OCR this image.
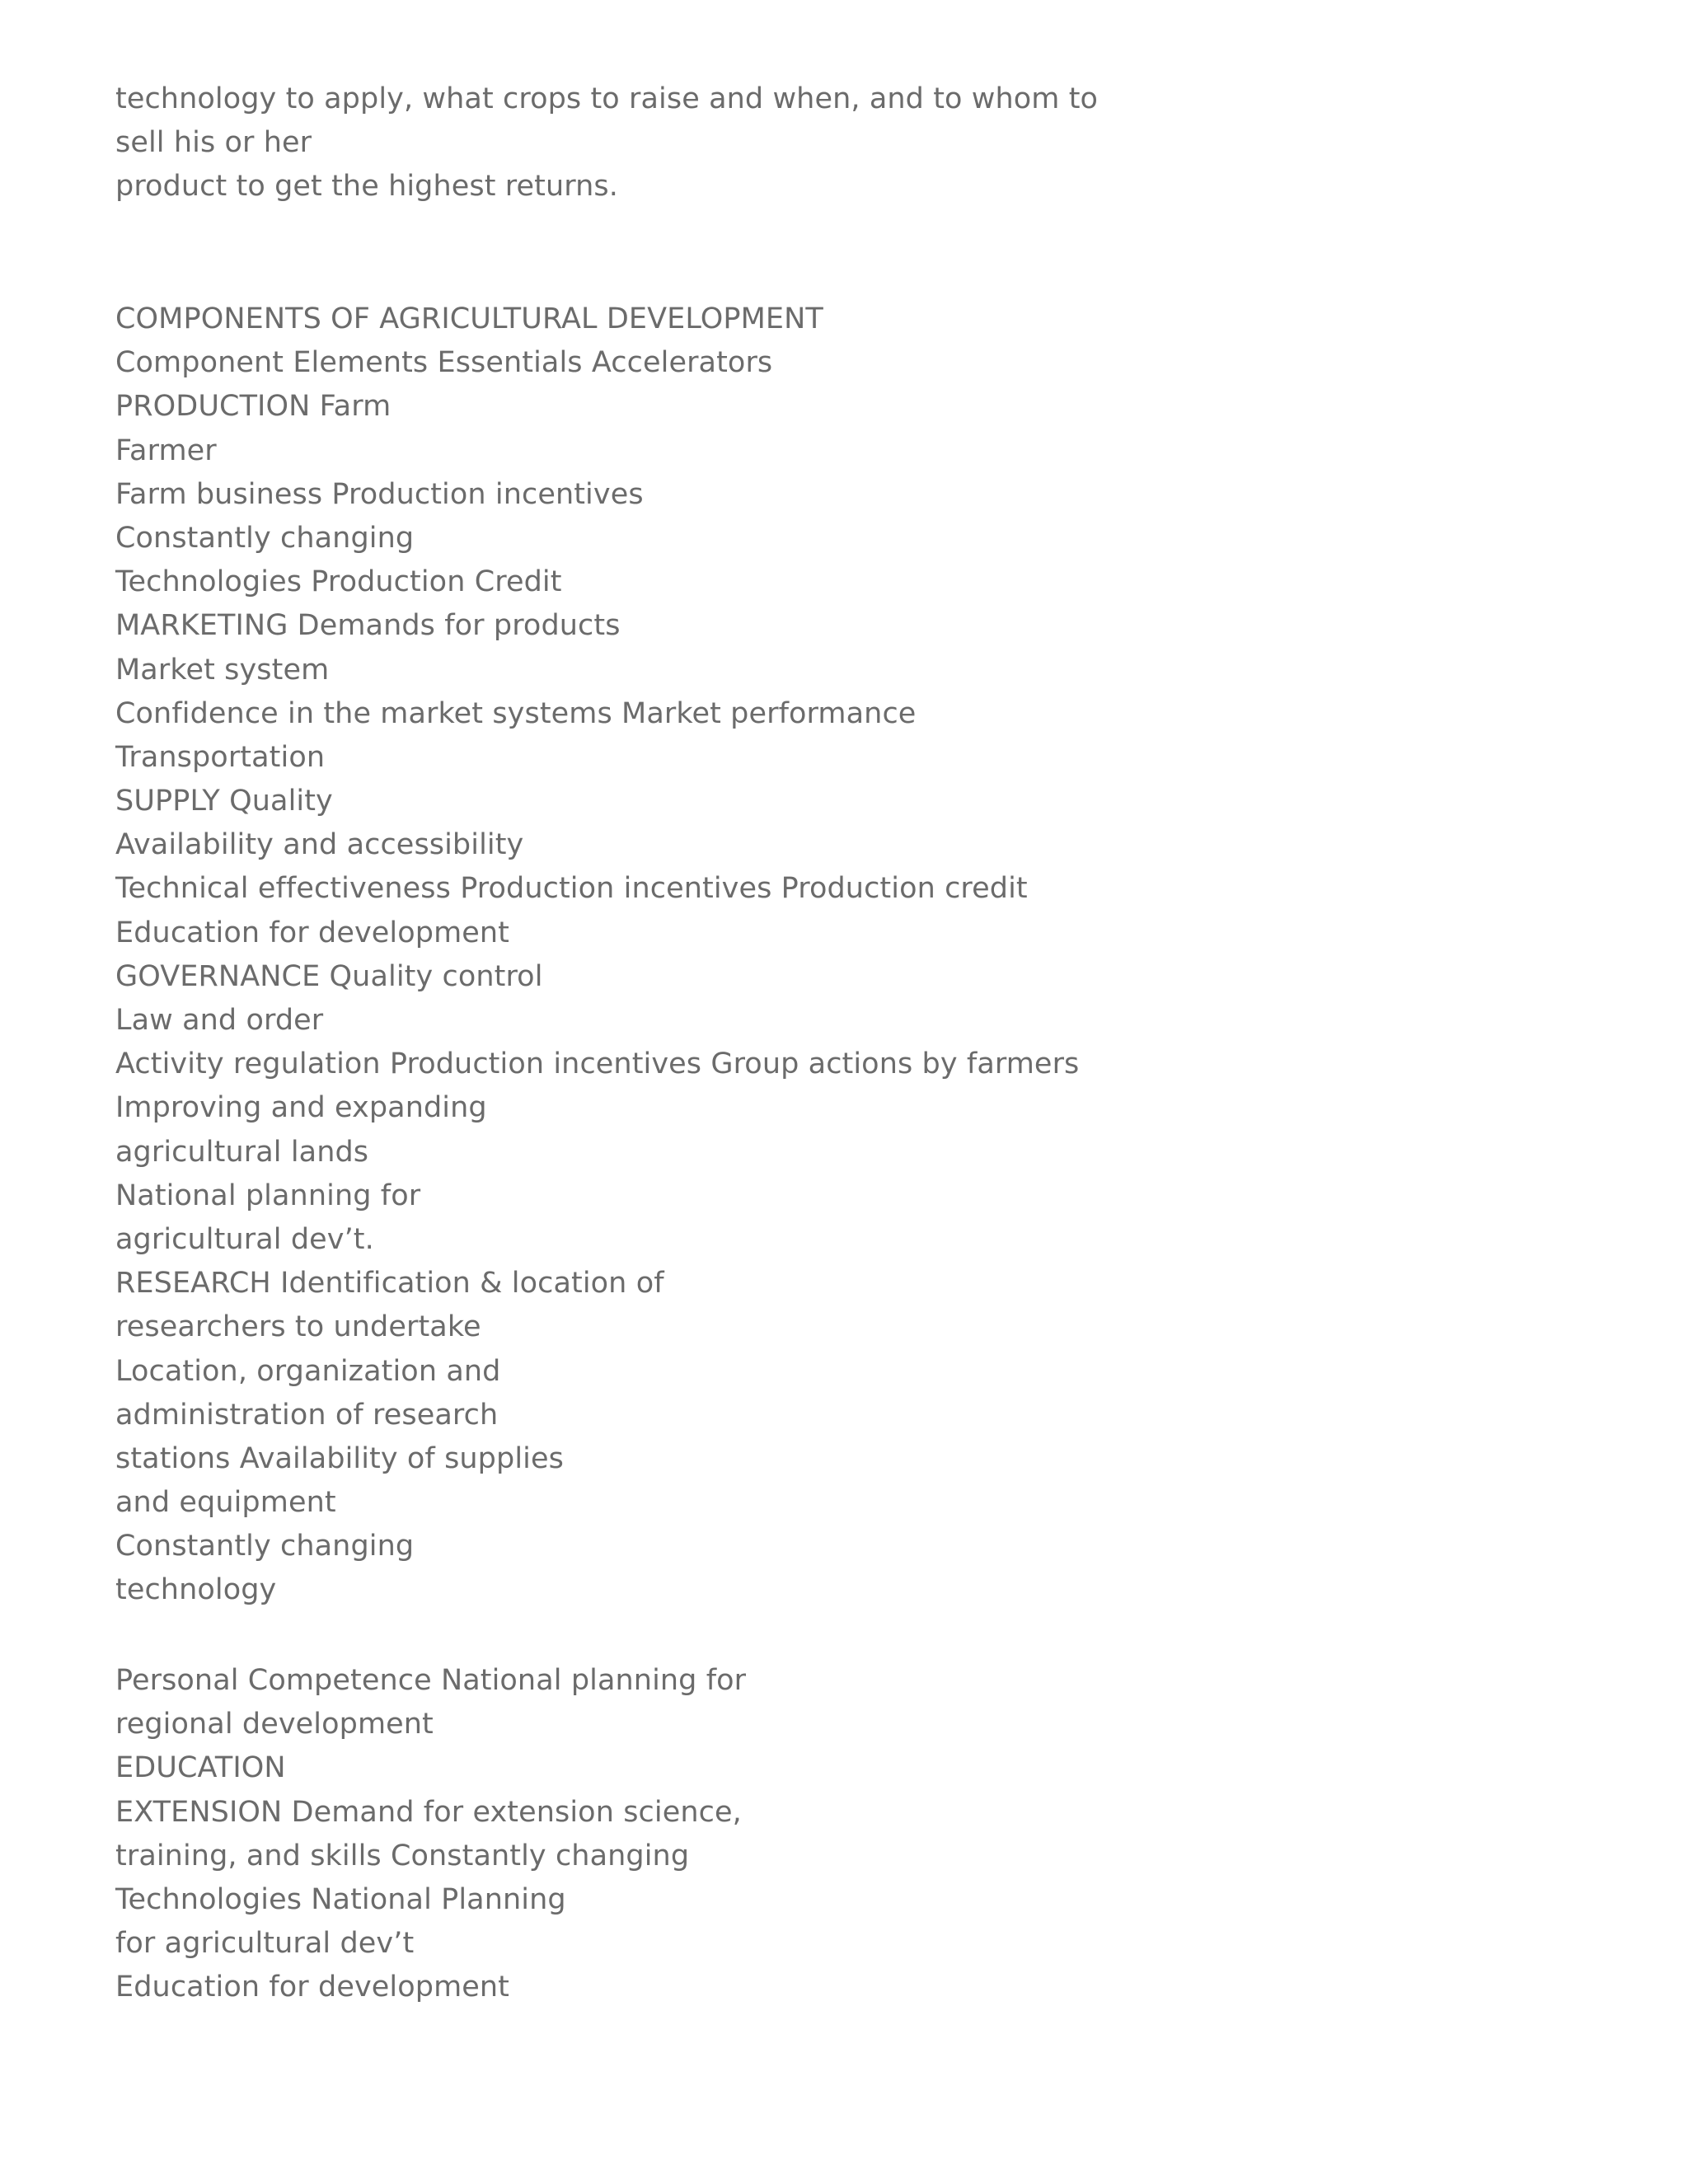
technology to apply, what crops to raise and when, and to whom to
sell his or her
product to get the highest returns.
COMPONENTS OF AGRICULTURAL DEVELOPMENT
Component Elements Essentials Accelerators
PRODUCTION Farm
Farmer
Farm business Production incentives
Constantly changing
Technologies Production Credit
MARKETING Demands for products
Market system
Confidence in the market systems Market performance
Transportation
SUPPLY Quality
Availability and accessibility
Technical effectiveness Production incentives Production credit
Education for development
GOVERNANCE Quality control
Law and order
Activity regulation Production incentives Group actions by farmers
Improving and expanding
agricultural lands
National planning for
agricultural dev’t.
RESEARCH Identification & location of
researchers to undertake
Location, organization and
administration of research
stations Availability of supplies
and equipment
Constantly changing
technology
Personal Competence National planning for
regional development
EDUCATION
EXTENSION Demand for extension science,
training, and skills Constantly changing
Technologies National Planning
for agricultural dev’t
Education for development
